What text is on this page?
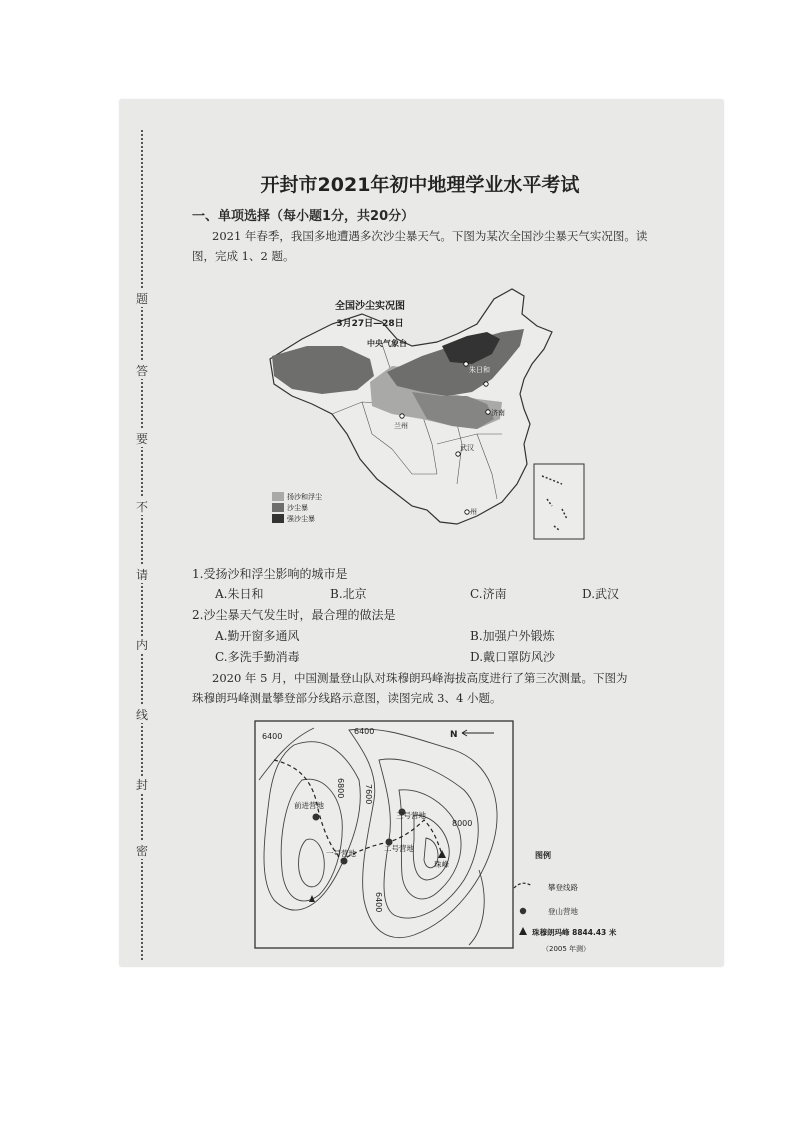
题
答
要
不
请
内
线
封
密
开封市2021年初中地理学业水平考试
一、单项选择（每小题1分，共20分）
2021 年春季，我国多地遭遇多次沙尘暴天气。下图为某次全国沙尘暴天气实况图。读
图，完成 1、2 题。
全国沙尘实况图
3月27日—28日
中央气象台
朱日和
济南
兰州
武汉
州
扬沙和浮尘
沙尘暴
强沙尘暴
1.受扬沙和浮尘影响的城市是
A.朱日和	B.北京	C.济南	D.武汉
2.沙尘暴天气发生时，最合理的做法是
A.勤开窗多通风	B.加强户外锻炼
C.多洗手勤消毒	D.戴口罩防风沙
2020 年 5 月，中国测量登山队对珠穆朗玛峰海拔高度进行了第三次测量。下图为
珠穆朗玛峰测量攀登部分线路示意图，读图完成 3、4 小题。
N
6400
6400
6800 7600
8000
6400
前进营地
一号营地
二号营地
三号营地
珠峰
图例
攀登线路
登山营地
珠穆朗玛峰 8844.43 米
（2005 年测）
